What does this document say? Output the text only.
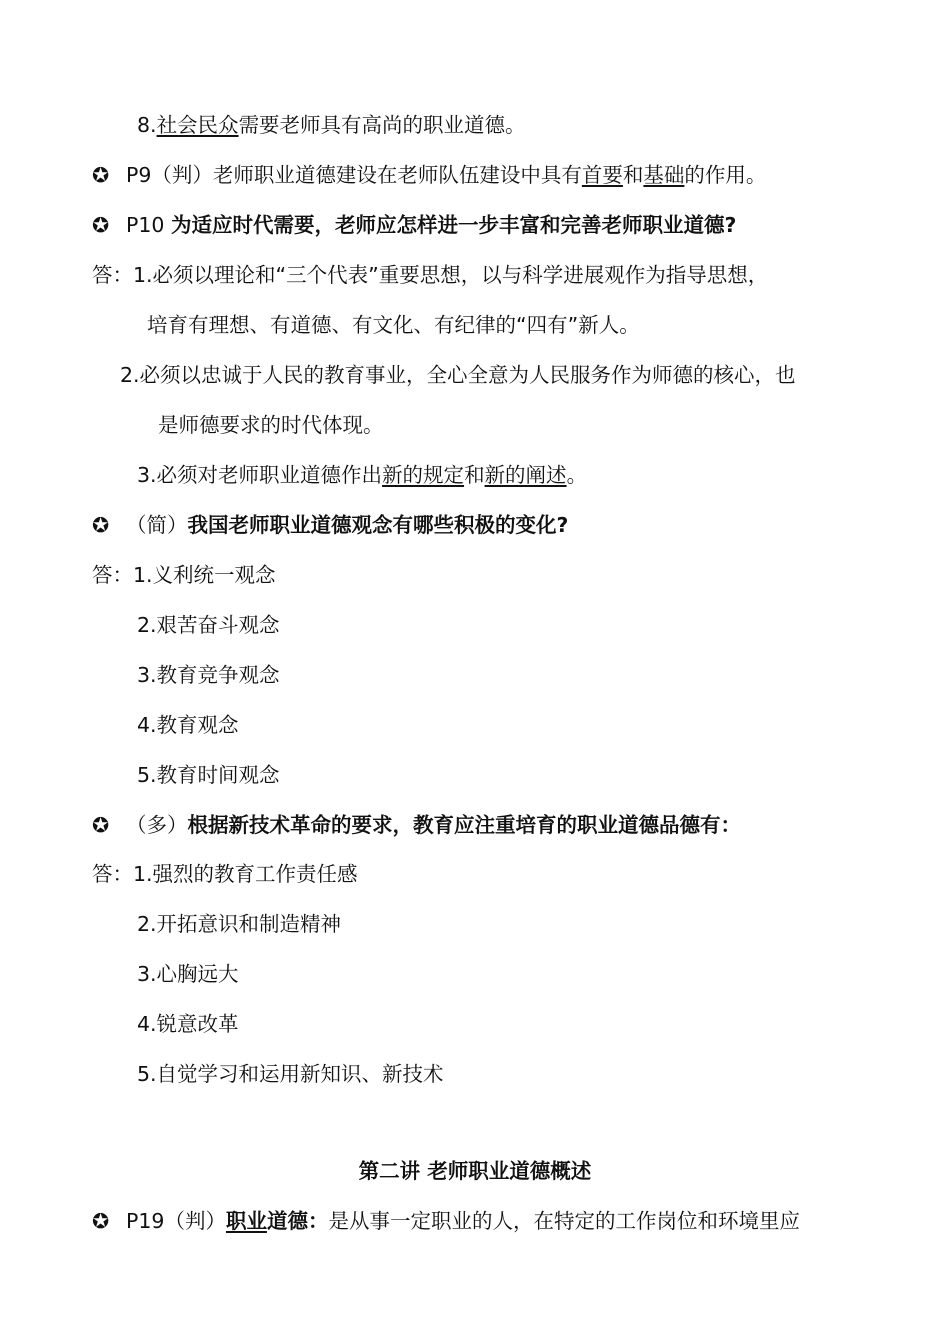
8.社会民众需要老师具有高尚的职业道德。
✪ P9（判）老师职业道德建设在老师队伍建设中具有首要和基础的作用。
✪ P10 为适应时代需要，老师应怎样进一步丰富和完善老师职业道德?
答：1.必须以理论和“三个代表”重要思想，以与科学进展观作为指导思想，
培育有理想、有道德、有文化、有纪律的“四有”新人。
2.必须以忠诚于人民的教育事业，全心全意为人民服务作为师德的核心，也
是师德要求的时代体现。
3.必须对老师职业道德作出新的规定和新的阐述。
✪ （简）我国老师职业道德观念有哪些积极的变化?
答：1.义利统一观念
2.艰苦奋斗观念
3.教育竞争观念
4.教育观念
5.教育时间观念
✪ （多）根据新技术革命的要求，教育应注重培育的职业道德品德有：
答：1.强烈的教育工作责任感
2.开拓意识和制造精神
3.心胸远大
4.锐意改革
5.自觉学习和运用新知识、新技术
第二讲 老师职业道德概述
✪ P19（判）职业道德：是从事一定职业的人，在特定的工作岗位和环境里应
